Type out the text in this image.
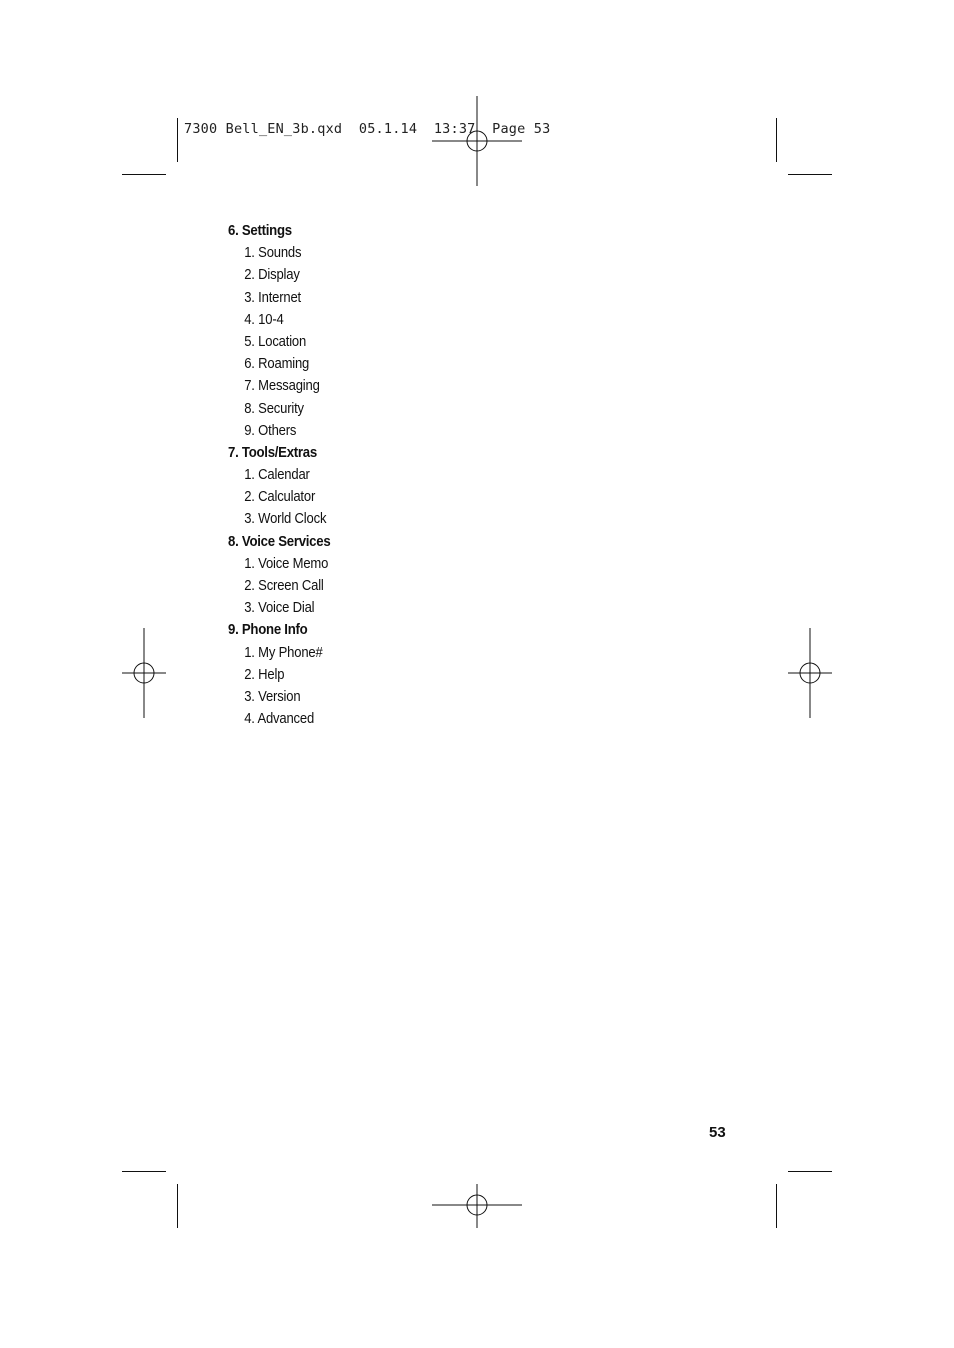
7300 Bell_EN_3b.qxd  05.1.14  13:37  Page 53
6. Settings
1. Sounds
2. Display
3. Internet
4. 10-4
5. Location
6. Roaming
7. Messaging
8. Security
9. Others
7. Tools/Extras
1. Calendar
2. Calculator
3. World Clock
8. Voice Services
1. Voice Memo
2. Screen Call
3. Voice Dial
9. Phone Info
1. My Phone#
2. Help
3. Version
4. Advanced
53
